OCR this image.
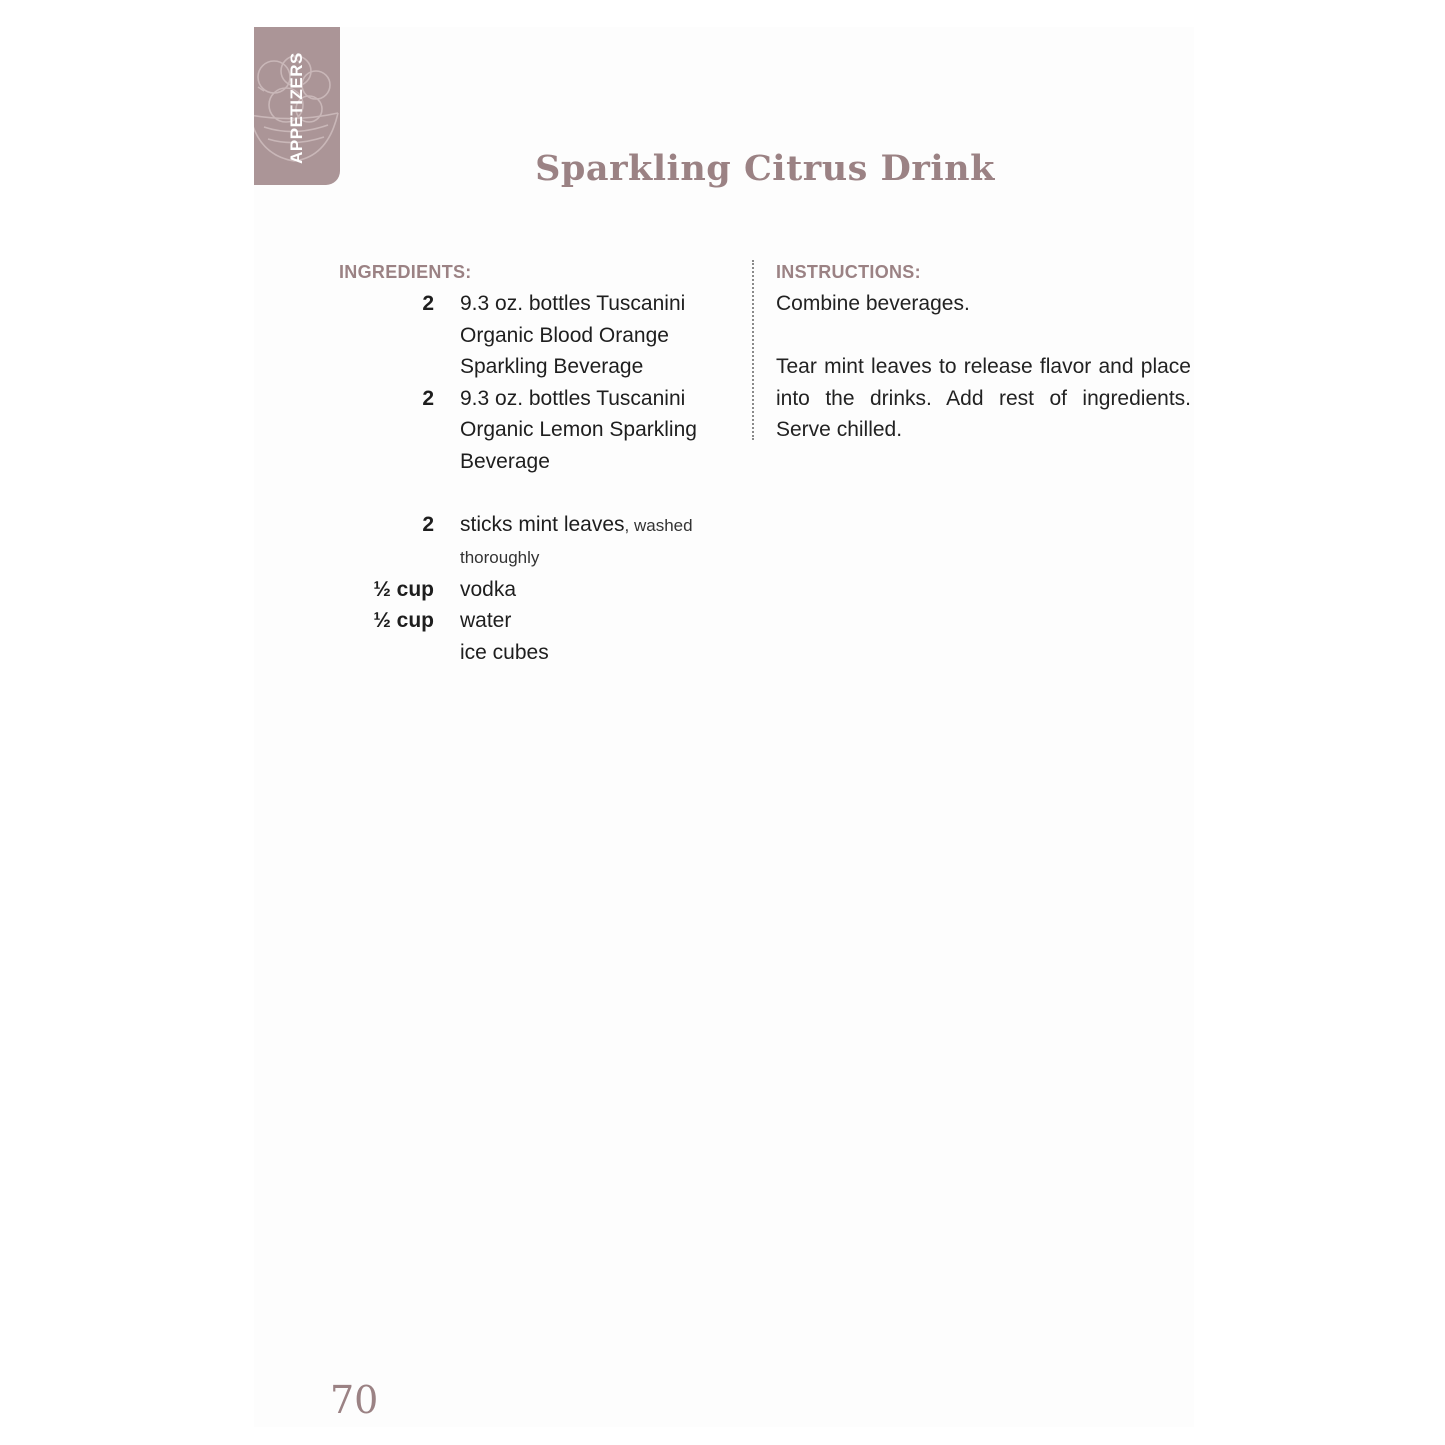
APPETIZERS
Sparkling Citrus Drink
INGREDIENTS:	INSTRUCTIONS:
2	9.3 oz. bottles Tuscanini Organic Blood Orange Sparkling Beverage
2	9.3 oz. bottles Tuscanini Organic Lemon Sparkling Beverage
2	sticks mint leaves, washed thoroughly
½ cup	vodka
½ cup	water
ice cubes

Combine beverages.

Tear mint leaves to release flavor and place into the drinks. Add rest of ingredients. Serve chilled.

70
